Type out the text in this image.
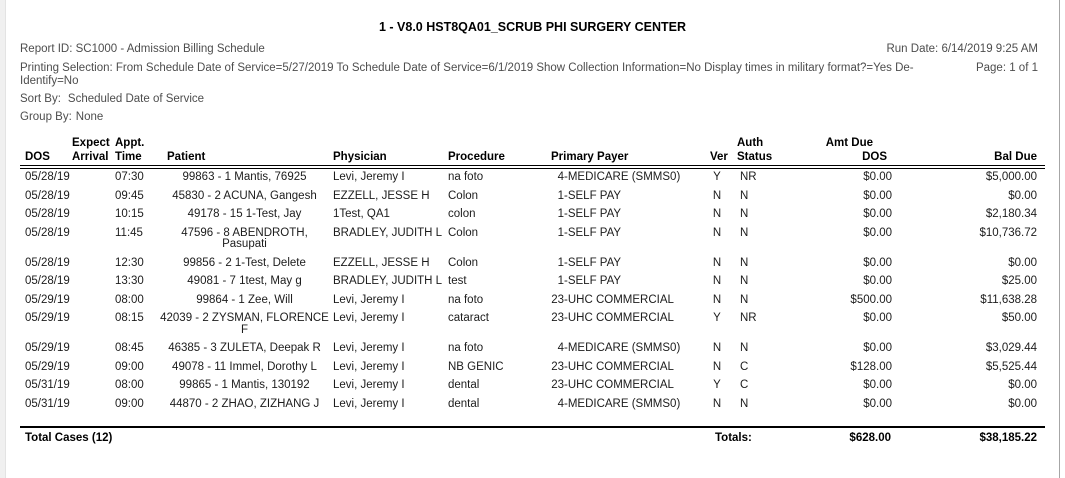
1 - V8.0 HST8QA01_SCRUB PHI SURGERY CENTER
Report ID: SC1000 - Admission Billing Schedule	Run Date: 6/14/2019 9:25 AM
Printing Selection: From Schedule Date of Service=5/27/2019 To Schedule Date of Service=6/1/2019 Show Collection Information=No Display times in military format?=Yes De-
Identify=No
Page: 1 of 1
Sort By: Scheduled Date of Service
Group By: None
	Expect	Appt.						Auth	Amt Due	
DOS	Arrival	Time	Patient	Physician	Procedure	Primary Payer	Ver	Status	DOS	Bal Due
05/28/19		07:30	99863 - 1 Mantis, 76925	Levi, Jeremy I	na foto	4-MEDICARE (SMMS0)	Y	NR	$0.00	$5,000.00
05/28/19		09:45	45830 - 2 ACUNA, Gangesh	EZZELL, JESSE H	Colon	1-SELF PAY	N	N	$0.00	$0.00
05/28/19		10:15	49178 - 15 1-Test, Jay	1Test, QA1	colon	1-SELF PAY	N	N	$0.00	$2,180.34
05/28/19		11:45	47596 - 8 ABENDROTH,
Pasupati	BRADLEY, JUDITH L	Colon	1-SELF PAY	N	N	$0.00	$10,736.72
05/28/19		12:30	99856 - 2 1-Test, Delete	EZZELL, JESSE H	Colon	1-SELF PAY	N	N	$0.00	$0.00
05/28/19		13:30	49081 - 7 1test, May g	BRADLEY, JUDITH L	test	1-SELF PAY	N	N	$0.00	$25.00
05/29/19		08:00	99864 - 1 Zee, Will	Levi, Jeremy I	na foto	23-UHC COMMERCIAL	N	N	$500.00	$11,638.28
05/29/19		08:15	42039 - 2 ZYSMAN, FLORENCE
F	Levi, Jeremy I	cataract	23-UHC COMMERCIAL	Y	NR	$0.00	$50.00
05/29/19		08:45	46385 - 3 ZULETA, Deepak R	Levi, Jeremy I	na foto	4-MEDICARE (SMMS0)	N	N	$0.00	$3,029.44
05/29/19		09:00	49078 - 11 Immel, Dorothy L	Levi, Jeremy I	NB GENIC	23-UHC COMMERCIAL	N	C	$128.00	$5,525.44
05/31/19		08:00	99865 - 1 Mantis, 130192	Levi, Jeremy I	dental	23-UHC COMMERCIAL	Y	C	$0.00	$0.00
05/31/19		09:00	44870 - 2 ZHAO, ZIZHANG J	Levi, Jeremy I	dental	4-MEDICARE (SMMS0)	N	N	$0.00	$0.00

Total Cases (12)							Totals:		$628.00	$38,185.22
